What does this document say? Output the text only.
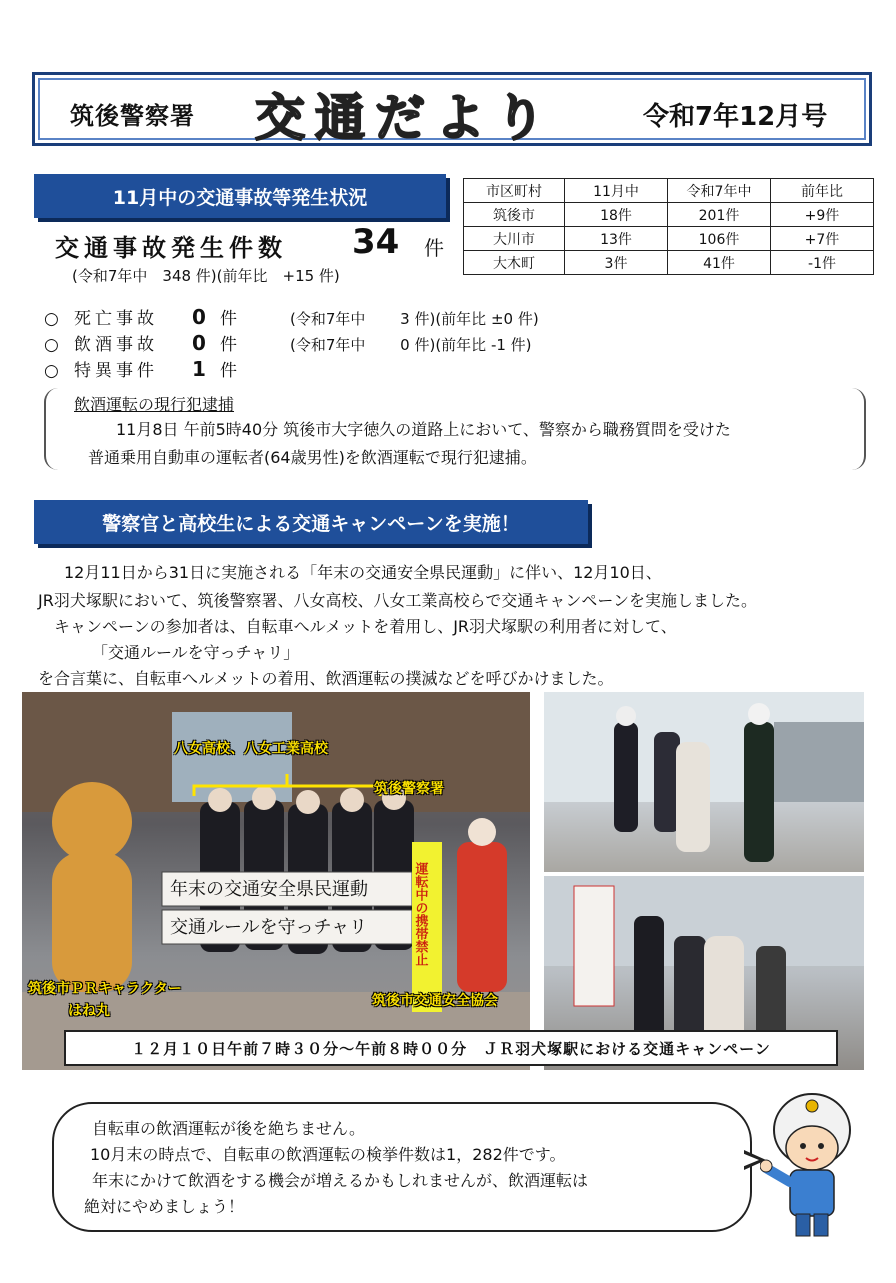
筑後警察署 交通だより	令和7年12月号
11月中の交通事故等発生状況	市区町村	11月中	令和7年中	前年比
筑後市	18件	201件	+9件
大川市	13件	106件	+7件
大木町	3件	41件	-1件
交通事故発生件数 34 件
(令和7年中　348 件)(前年比　+15 件)
○ 死亡事故	0 件	(令和7年中　　 3 件)(前年比 ±0 件)
○ 飲酒事故	0 件	(令和7年中　　 0 件)(前年比 -1 件)
○ 特異事件	1 件
飲酒運転の現行犯逮捕
11月8日 午前5時40分 筑後市大字徳久の道路上において、警察から職務質問を受けた
普通乗用自動車の運転者(64歳男性)を飲酒運転で現行犯逮捕。
警察官と高校生による交通キャンペーンを実施！
12月11日から31日に実施される「年末の交通安全県民運動」に伴い、12月10日、
JR羽犬塚駅において、筑後警察署、八女高校、八女工業高校らで交通キャンペーンを実施しました。
キャンペーンの参加者は、自転車へルメットを着用し、JR羽犬塚駅の利用者に対して、
「交通ルールを守っチャリ」
を合言葉に、自転車へルメットの着用、飲酒運転の撲滅などを呼びかけました。
年末の交通安全県民運動
交通ルールを守っチャリ	運転中の携帯禁止
八女高校、八女工業高校
筑後警察署
筑後市ＰＲキャラクター
はね丸
筑後市交通安全協会
１２月１０日午前７時３０分〜午前８時００分　ＪＲ羽犬塚駅における交通キャンペーン
自転車の飲酒運転が後を絶ちません。
10月末の時点で、自転車の飲酒運転の検挙件数は1，282件です。
年末にかけて飲酒をする機会が増えるかもしれませんが、飲酒運転は
絶対にやめましょう！
